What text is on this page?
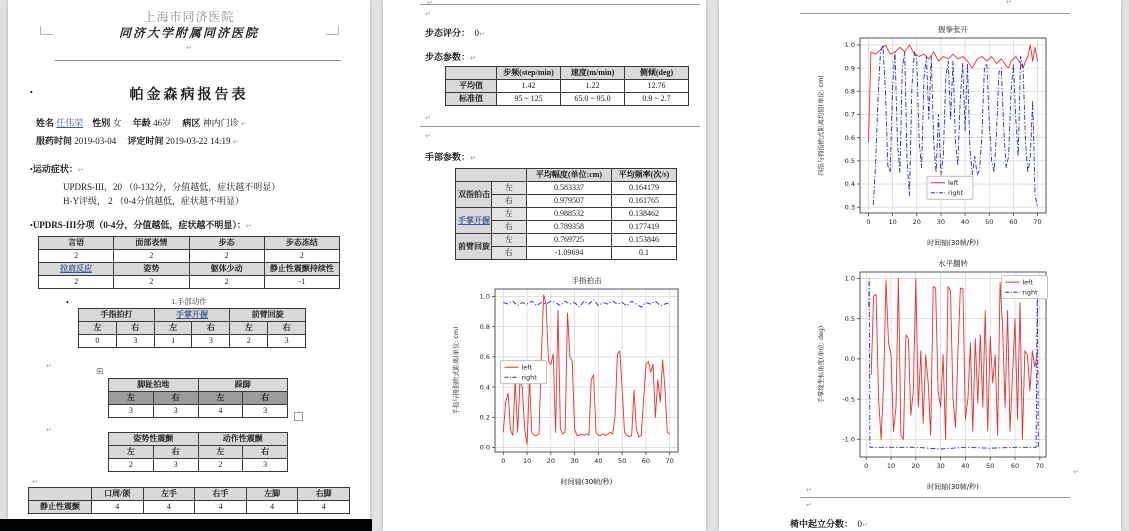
上海市同济医院
同济大学附属同济医院
↵
•	帕金森病报告表
姓名 任伟荣 性别 女 年龄 46岁 病区 神内门诊 ↵
服药时间 2019-03-04 评定时间 2019-03-22 14:19 ↵
•运动症状：↵
UPDRS-III，20 （0-132分，分值越低，症状越不明显）
H-Y评级， 2 （0-4分值越低，症状越不明显）
•UPDRS-III分项（0-4分，分值越低，症状越不明显）：↵
言语	面部表情	步态	步态冻结
2	2	2	2
拉肩反应	姿势	躯体少动	静止性震颤持续性
2	2	2	-1
•	1.手部动作
手指拍打		手掌开握		前臂回旋	
左	右	左	右	左	右
0	3	1	3	2	3
↵
⊞
脚趾拍地		跺脚	
左	右	左	右
3	3	4	3
↵
姿势性震颤		动作性震颤	
左	右	左	右
2	3	2	3
↵
	口周/颌	左手	右手	左脚	右脚
静止性震颤	4	4	4	4	4
↵
↵
步态评分： 0↵
步态参数：↵
	步频(step/min)	速度(m/min)	侧倾(deg)
平均值	1.42	1.22	12.76
标准值	95 ~ 125	65.0 ~ 95.0	0.9 ~ 2.7
↵
↵
手部参数：↵
		平均幅度(单位:cm)	平均频率(次/s)
双指拍击	左	0.583337	0.164179
	右	0.979507	0.161765
手掌开握	左	0.988532	0.138462
	右	0.789358	0.177419
前臂回旋	左	0.769725	0.153846
	右	-1.09694	0.1
0	10 20 30 40 50 60 70
0.0
0.2
0.4
0.6
0.8
1.0
手指拍击
时间轴(30帧/秒)
手指与拇指欧式距离(单位: cm)	left
right
↵
0	10 20 30 40 50 60 70
0.3
0.4
0.5
0.6
0.7
0.8
0.9
1.0
握拳张开
时间轴(30帧/秒)
四指与拇指欧式距离均值(单位: cm)
left
right
0	10	20	30	40	50	60	70
-1.0
-0.5
0.0
0.5
1.0
水平翻转
时间轴(30帧/秒)
手掌绕坐标角度(单位: deg)
left
right
↵
↵
↵
椅中起立分数： 0↵
